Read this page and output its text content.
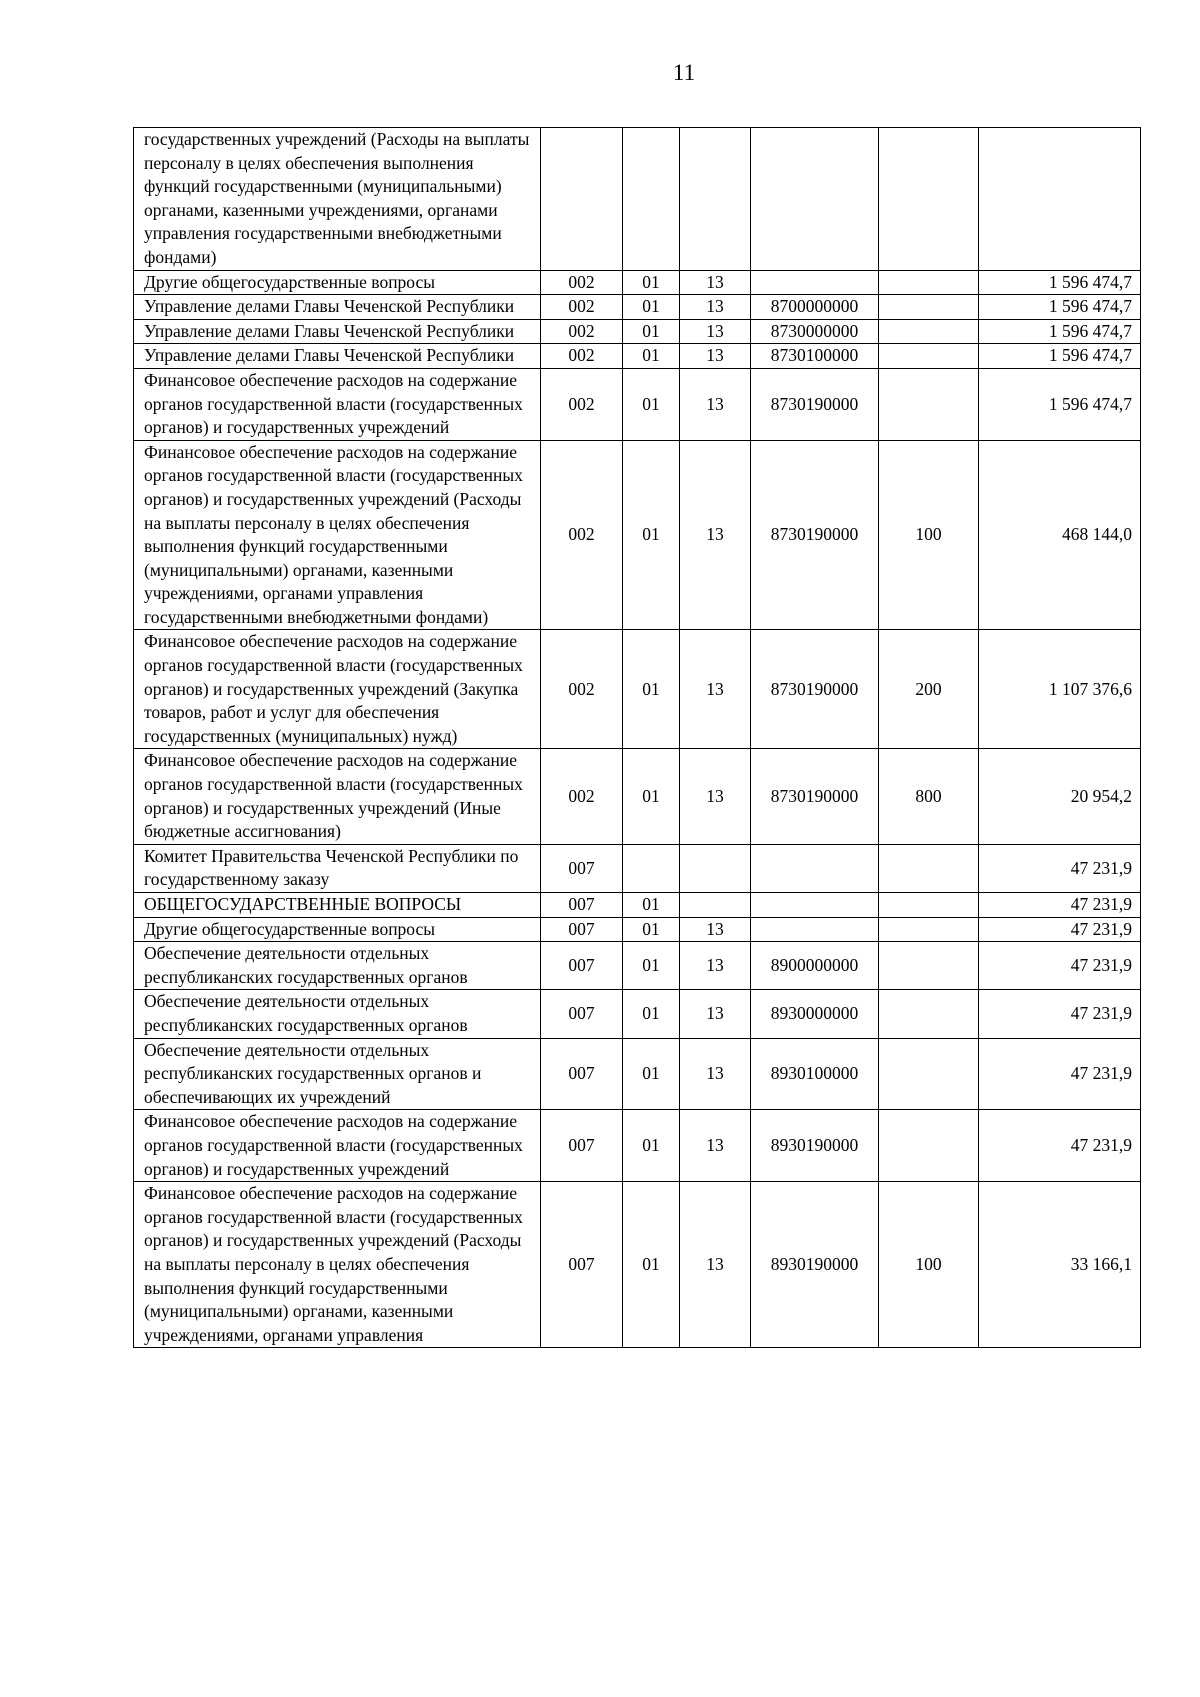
11
государственных учреждений (Расходы на выплаты персоналу в целях обеспечения выполнения функций государственными (муниципальными) органами, казенными учреждениями, органами управления государственными внебюджетными фондами)						
Другие общегосударственные вопросы	002	01	13			1 596 474,7
Управление делами Главы Чеченской Республики	002	01	13	8700000000		1 596 474,7
Управление делами Главы Чеченской Республики	002	01	13	8730000000		1 596 474,7
Управление делами Главы Чеченской Республики	002	01	13	8730100000		1 596 474,7
Финансовое обеспечение расходов на содержание органов государственной власти (государственных органов) и государственных учреждений	002	01	13	8730190000		1 596 474,7
Финансовое обеспечение расходов на содержание органов государственной власти (государственных органов) и государственных учреждений (Расходы на выплаты персоналу в целях обеспечения выполнения функций государственными (муниципальными) органами, казенными учреждениями, органами управления государственными внебюджетными фондами)	002	01	13	8730190000	100	468 144,0
Финансовое обеспечение расходов на содержание органов государственной власти (государственных органов) и государственных учреждений (Закупка товаров, работ и услуг для обеспечения государственных (муниципальных) нужд)	002	01	13	8730190000	200	1 107 376,6
Финансовое обеспечение расходов на содержание органов государственной власти (государственных органов) и государственных учреждений (Иные бюджетные ассигнования)	002	01	13	8730190000	800	20 954,2
Комитет Правительства Чеченской Республики по государственному заказу	007					47 231,9
ОБЩЕГОСУДАРСТВЕННЫЕ ВОПРОСЫ	007	01				47 231,9
Другие общегосударственные вопросы	007	01	13			47 231,9
Обеспечение деятельности отдельных республиканских государственных органов	007	01	13	8900000000		47 231,9
Обеспечение деятельности отдельных республиканских государственных органов	007	01	13	8930000000		47 231,9
Обеспечение деятельности отдельных республиканских государственных органов и обеспечивающих их учреждений	007	01	13	8930100000		47 231,9
Финансовое обеспечение расходов на содержание органов государственной власти (государственных органов) и государственных учреждений	007	01	13	8930190000		47 231,9
Финансовое обеспечение расходов на содержание органов государственной власти (государственных органов) и государственных учреждений (Расходы на выплаты персоналу в целях обеспечения выполнения функций государственными (муниципальными) органами, казенными учреждениями, органами управления	007	01	13	8930190000	100	33 166,1
